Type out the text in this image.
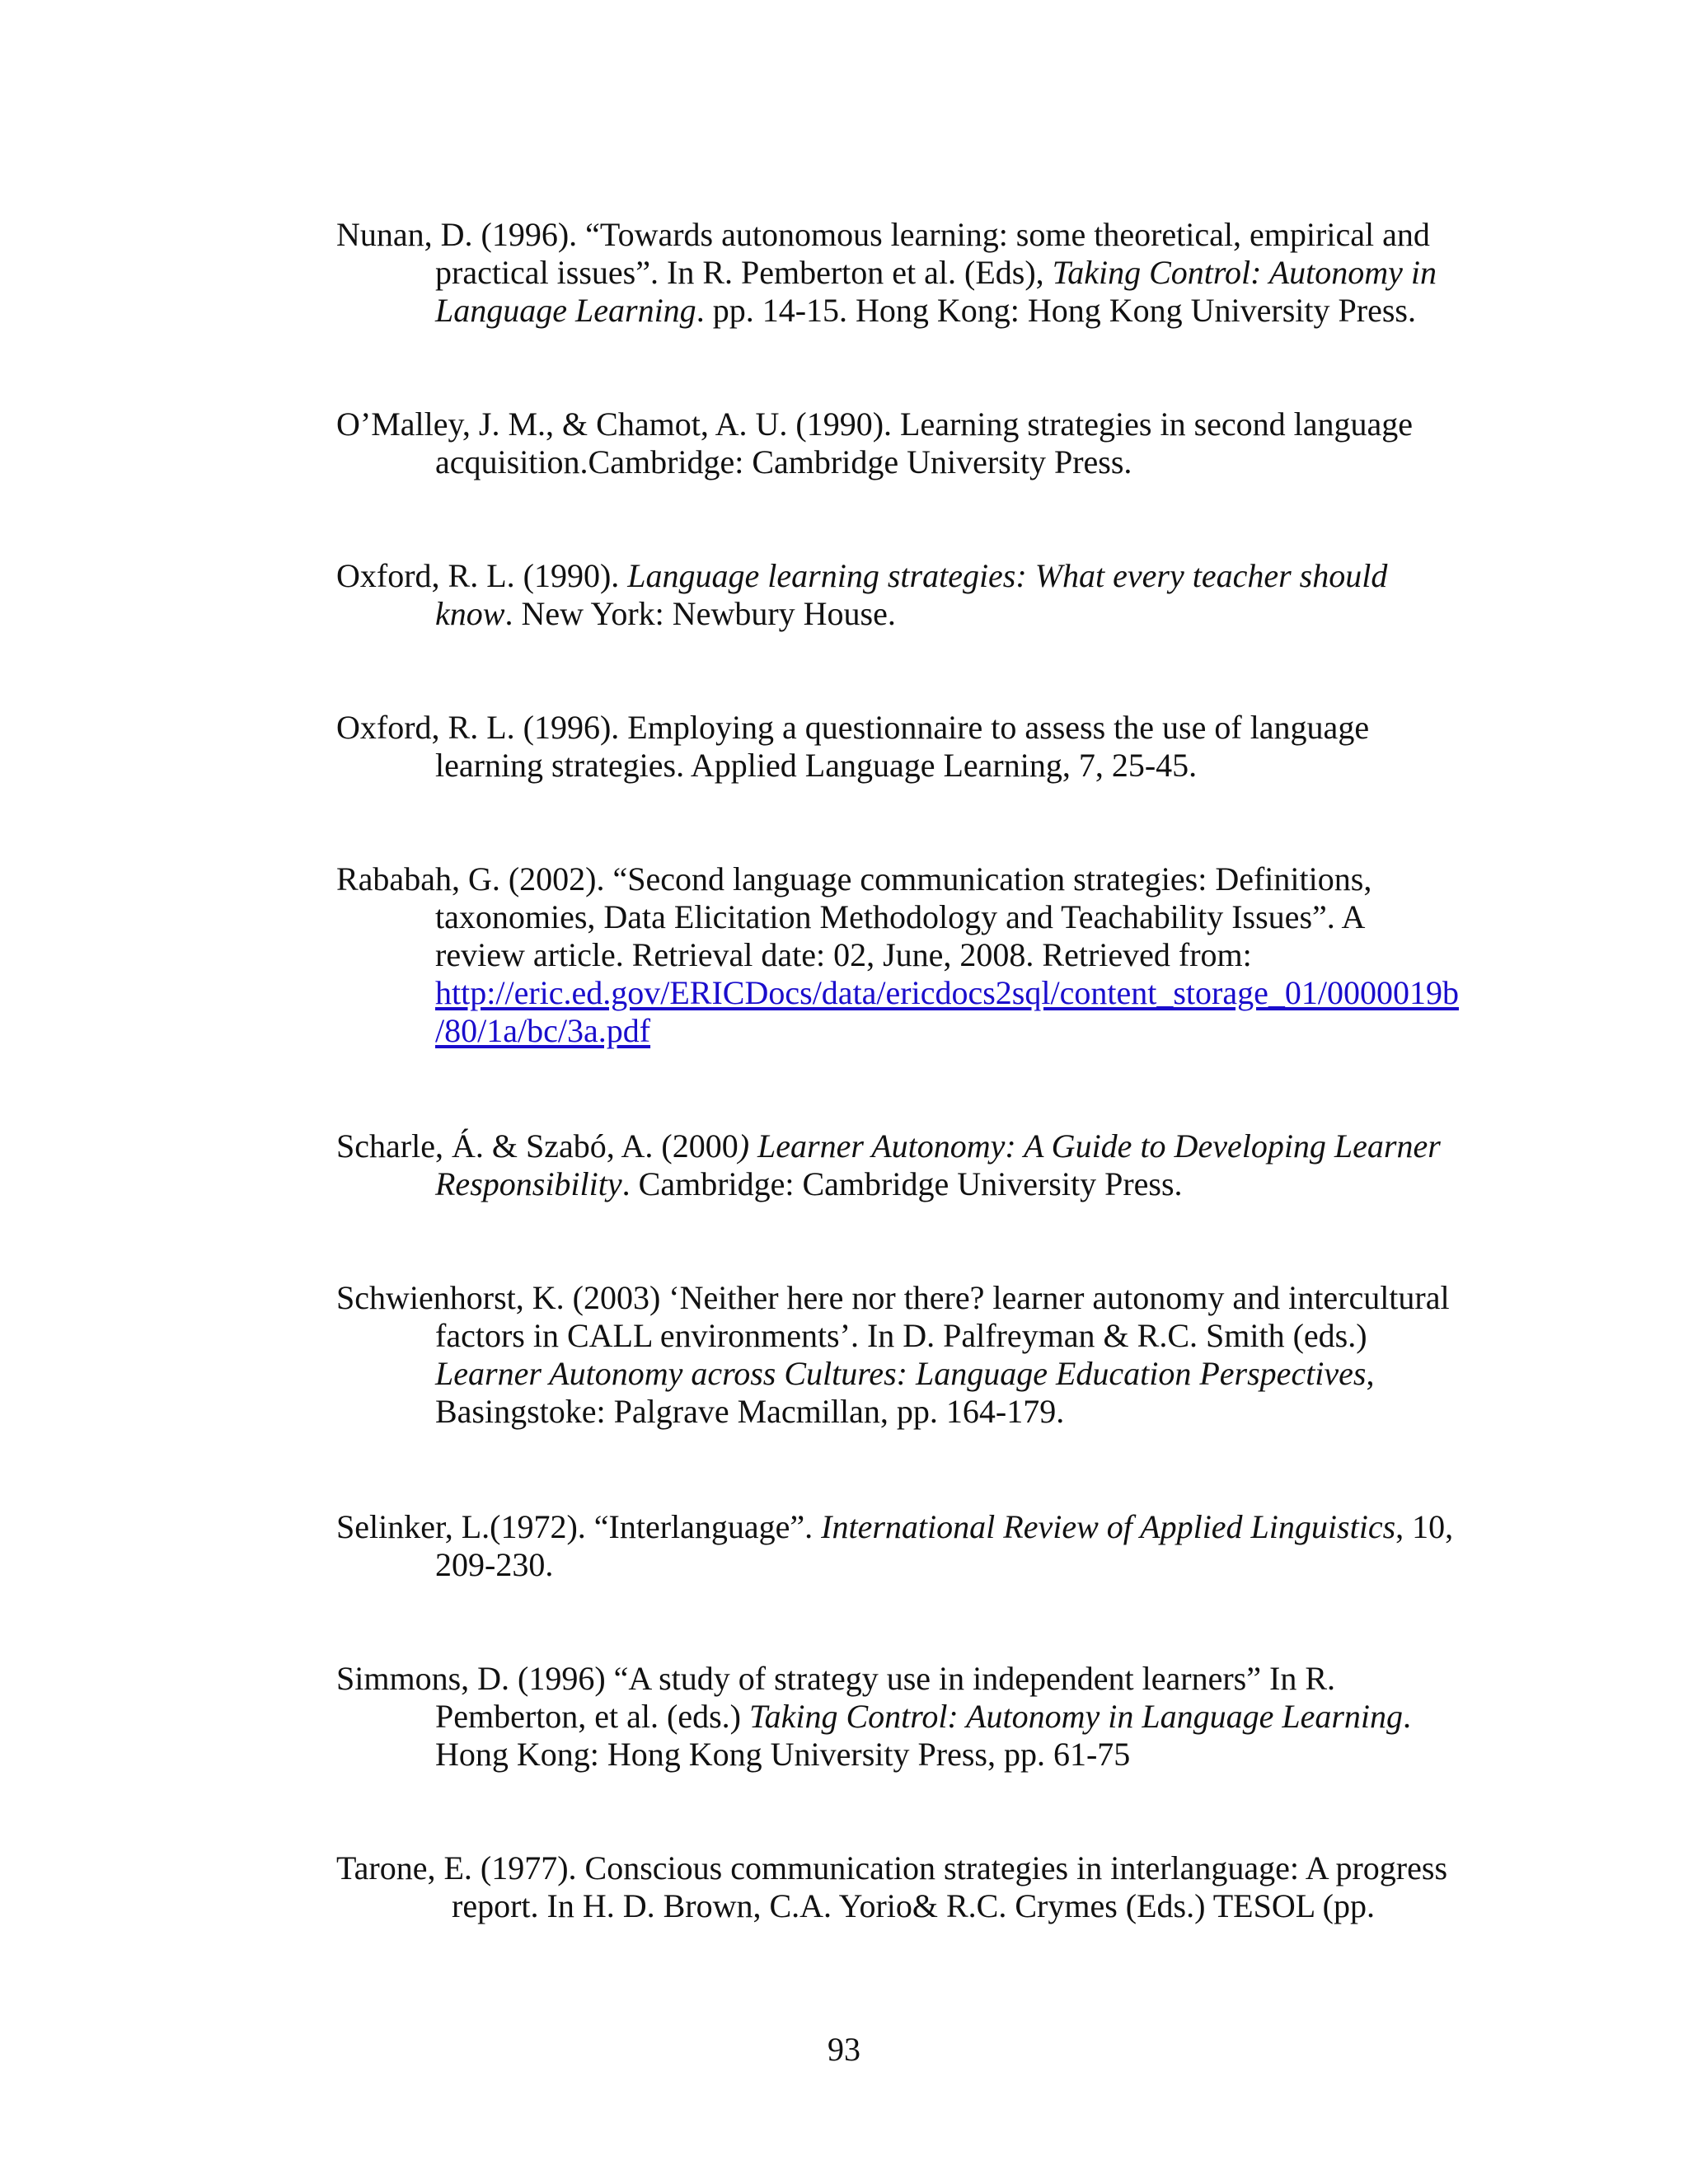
Nunan, D. (1996). “Towards autonomous learning: some theoretical, empirical and
practical issues”. In R. Pemberton et al. (Eds), Taking Control: Autonomy in
Language Learning. pp. 14-15. Hong Kong: Hong Kong University Press.
O’Malley, J. M., & Chamot, A. U. (1990). Learning strategies in second language
acquisition.Cambridge: Cambridge University Press.
Oxford, R. L. (1990). Language learning strategies: What every teacher should
know. New York: Newbury House.
Oxford, R. L. (1996). Employing a questionnaire to assess the use of language
learning strategies. Applied Language Learning, 7, 25-45.
Rababah, G. (2002). “Second language communication strategies: Definitions,
taxonomies, Data Elicitation Methodology and Teachability Issues”. A
review article. Retrieval date: 02, June, 2008. Retrieved from:
http://eric.ed.gov/ERICDocs/data/ericdocs2sql/content_storage_01/0000019b
/80/1a/bc/3a.pdf
Scharle, Á. & Szabó, A. (2000) Learner Autonomy: A Guide to Developing Learner
Responsibility. Cambridge: Cambridge University Press.
Schwienhorst, K. (2003) ‘Neither here nor there? learner autonomy and intercultural
factors in CALL environments’. In D. Palfreyman & R.C. Smith (eds.)
Learner Autonomy across Cultures: Language Education Perspectives,
Basingstoke: Palgrave Macmillan, pp. 164-179.
Selinker, L.(1972). “Interlanguage”. International Review of Applied Linguistics, 10,
209-230.
Simmons, D. (1996) “A study of strategy use in independent learners” In R.
Pemberton, et al. (eds.) Taking Control: Autonomy in Language Learning.
Hong Kong: Hong Kong University Press, pp. 61-75
Tarone, E. (1977). Conscious communication strategies in interlanguage: A progress
report. In H. D. Brown, C.A. Yorio& R.C. Crymes (Eds.) TESOL (pp.
93
